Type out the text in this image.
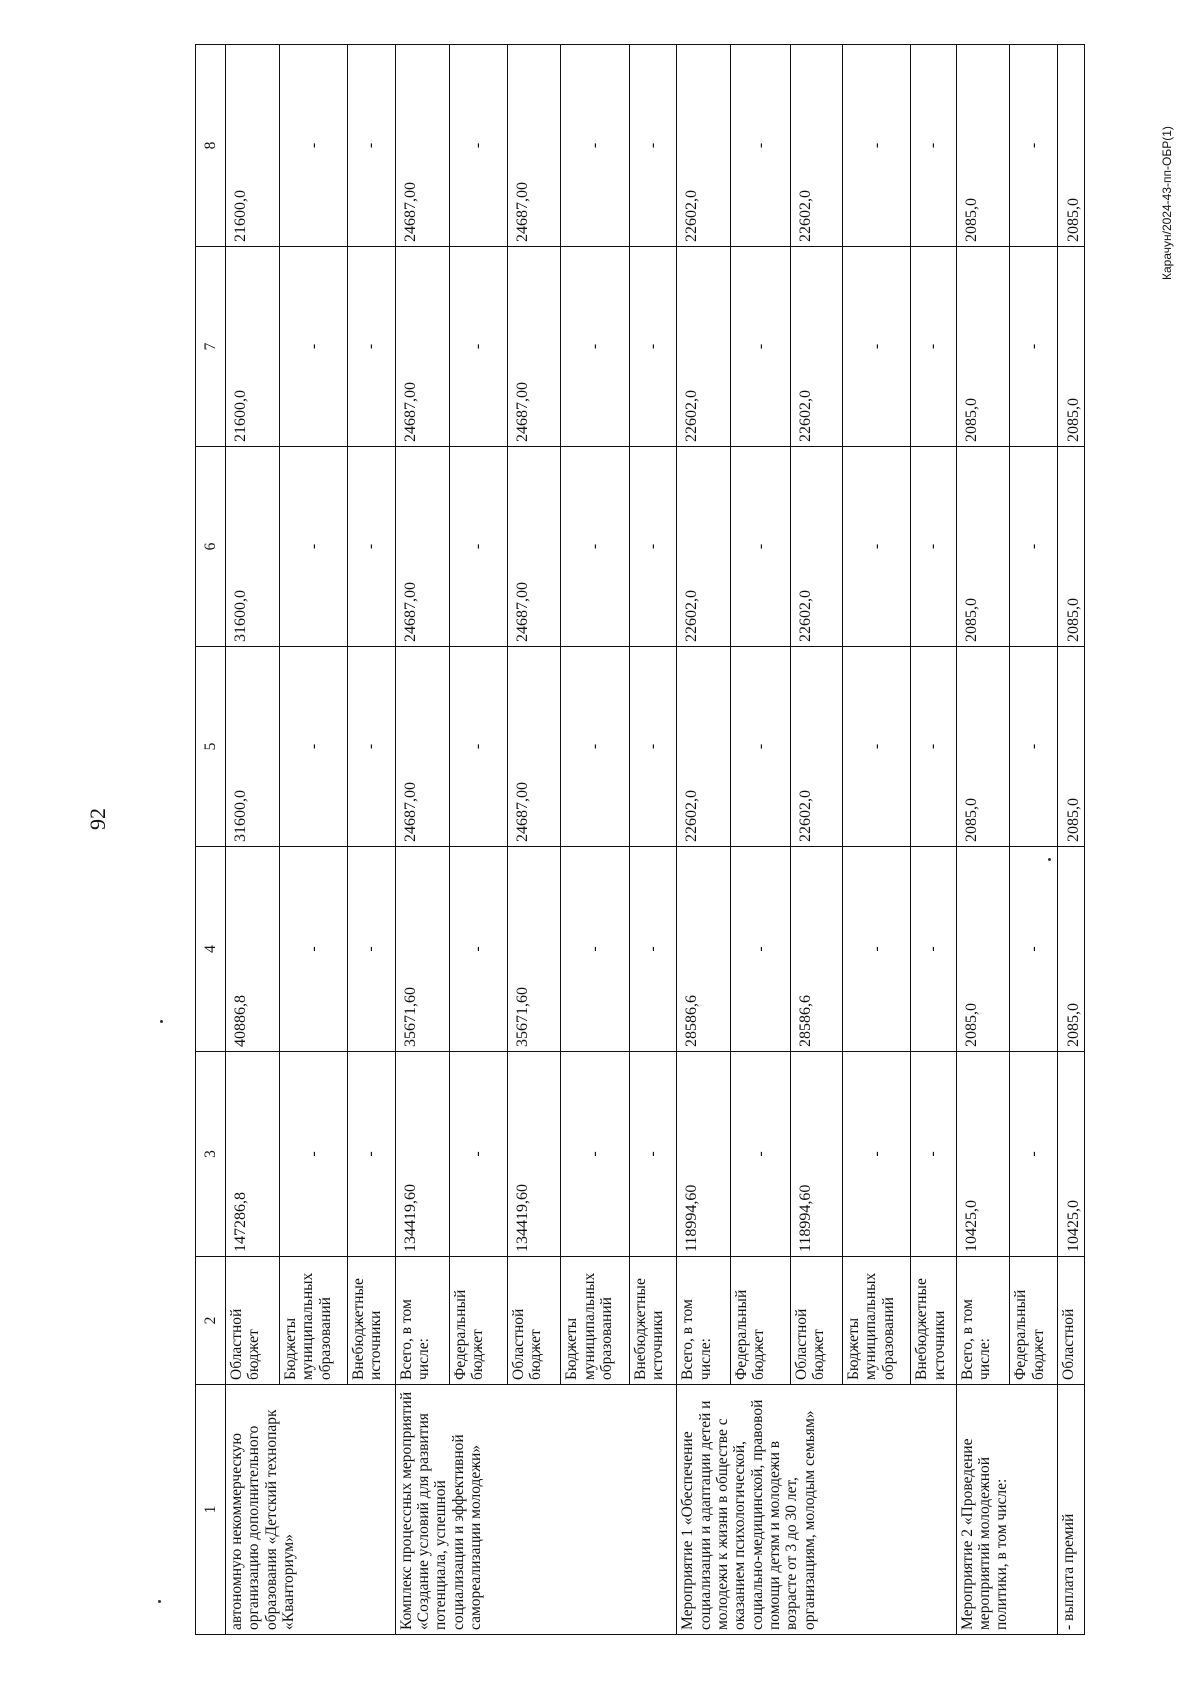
92
Карачун/2024-43-пп-ОБР(1)
1	2	3	4	5	6	7	8
автономную некоммерческую организацию дополнительного образования «Детский технопарк «Кванториум»	Областной бюджет	147286,8	40886,8	31600,0	31600,0	21600,0	21600,0
	Бюджеты муниципальных образований	-	-	-	-	-	-
	Внебюджетные источники	-	-	-	-	-	-
Комплекс процессных мероприятий «Создание условий для развития потенциала, успешной социализации и эффективной самореализации молодежи»	Всего, в том числе:	134419,60	35671,60	24687,00	24687,00	24687,00	24687,00
	Федеральный бюджет	-	-	-	-	-	-
	Областной бюджет	134419,60	35671,60	24687,00	24687,00	24687,00	24687,00
	Бюджеты муниципальных образований	-	-	-	-	-	-
	Внебюджетные источники	-	-	-	-	-	-
Мероприятие 1 «Обеспечение социализации и адаптации детей и молодежи к жизни в обществе с оказанием психологической, социально-медицинской, правовой помощи детям и молодежи в возрасте от 3 до 30 лет, организациям, молодым семьям»	Всего, в том числе:	118994,60	28586,6	22602,0	22602,0	22602,0	22602,0
	Федеральный бюджет	-	-	-	-	-	-
	Областной бюджет	118994,60	28586,6	22602,0	22602,0	22602,0	22602,0
	Бюджеты муниципальных образований	-	-	-	-	-	-
	Внебюджетные источники	-	-	-	-	-	-
Мероприятие 2 «Проведение мероприятий молодежной политики, в том числе:	Всего, в том числе:	10425,0	2085,0	2085,0	2085,0	2085,0	2085,0
	Федеральный бюджет	-	-	-	-	-	-
- выплата премий	Областной	10425,0	2085,0	2085,0	2085,0	2085,0	2085,0
